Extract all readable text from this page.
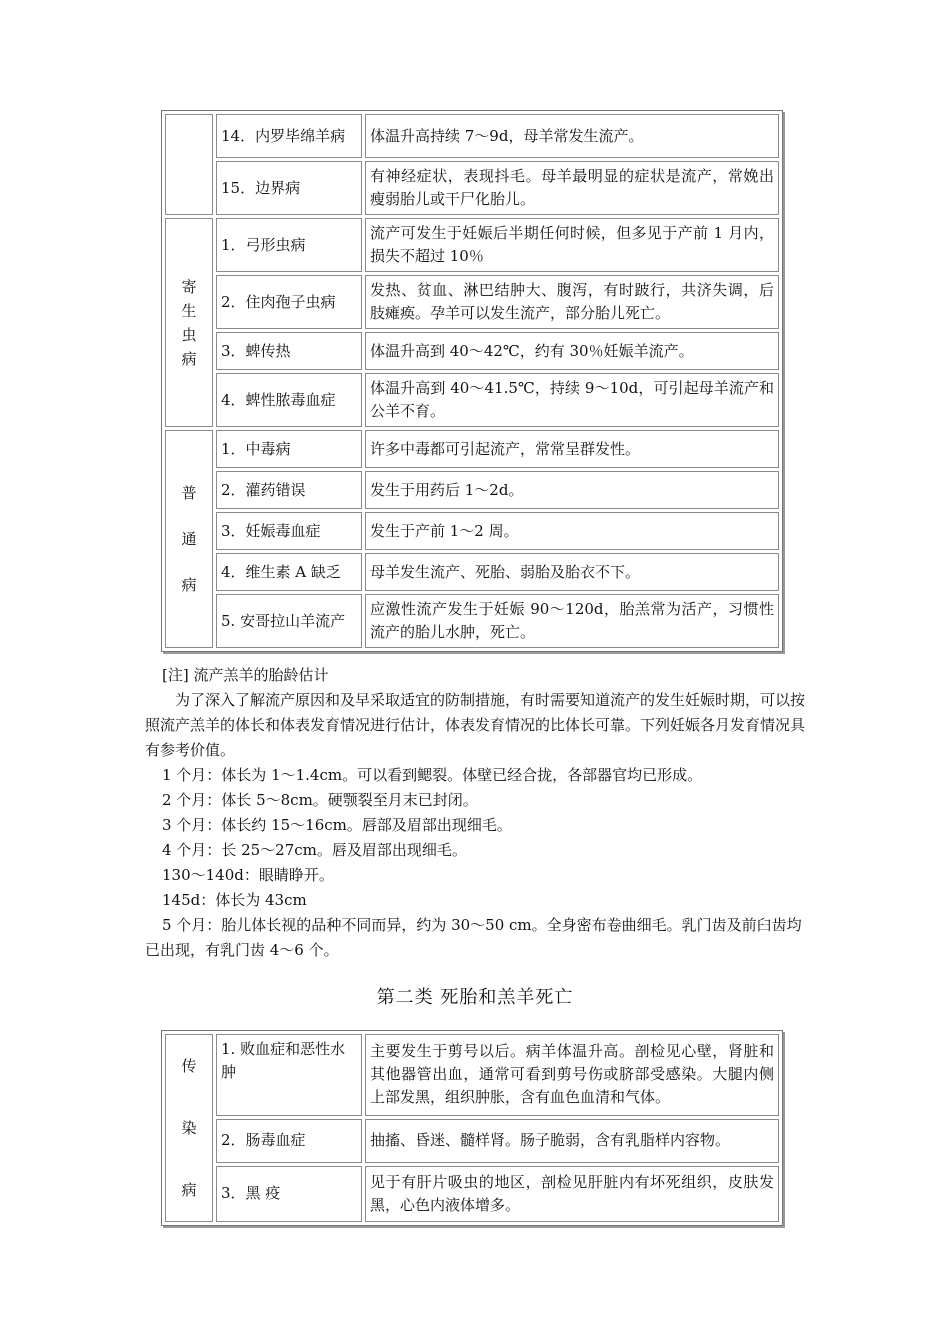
	14．内罗毕绵羊病	体温升高持续 7～9d，母羊常发生流产。
	15．边界病	有神经症状，表现抖毛。母羊最明显的症状是流产，常娩出瘦弱胎儿或干尸化胎儿。

寄
生
虫
病	1．弓形虫病	流产可发生于妊娠后半期任何时候，但多见于产前 1 月内，损失不超过 10％
	2．住肉孢子虫病	发热、贫血、淋巴结肿大、腹泻，有时跛行，共济失调，后肢瘫痪。孕羊可以发生流产，部分胎儿死亡。
	3．蜱传热	体温升高到 40～42℃，约有 30％妊娠羊流产。
	4．蜱性脓毒血症	体温升高到 40～41.5℃，持续 9～10d，可引起母羊流产和公羊不育。

普
通
病	1．中毒病	许多中毒都可引起流产，常常呈群发性。
	2．灌药错误	发生于用药后 1～2d。
	3．妊娠毒血症	发生于产前 1～2 周。
	4．维生素 A 缺乏	母羊发生流产、死胎、弱胎及胎衣不下。
	5. 安哥拉山羊流产	应激性流产发生于妊娠 90～120d，胎羔常为活产，习惯性流产的胎儿水肿，死亡。
[注] 流产羔羊的胎龄估计
为了深入了解流产原因和及早采取适宜的防制措施，有时需要知道流产的发生妊娠时期，可以按照流产羔羊的体长和体表发育情况进行估计，体表发育情况的比体长可靠。下列妊娠各月发育情况具有参考价值。
1 个月：体长为 1～1.4cm。可以看到鳃裂。体壁已经合拢，各部器官均已形成。
2 个月：体长 5～8cm。硬颚裂至月末已封闭。
3 个月：体长约 15～16cm。唇部及眉部出现细毛。
4 个月：长 25～27cm。唇及眉部出现细毛。
130～140d：眼睛睁开。
145d：体长为 43cm
5 个月：胎儿体长视的品种不同而异，约为 30～50 cm。全身密布卷曲细毛。乳门齿及前臼齿均已出现，有乳门齿 4～6 个。
第二类 死胎和羔羊死亡
传
染
病	1. 败血症和恶性水肿	主要发生于剪号以后。病羊体温升高。剖检见心壁，肾脏和其他器管出血，通常可看到剪号伤或脐部受感染。大腿内侧上部发黑，组织肿胀，含有血色血清和气体。
	2．肠毒血症	抽搐、昏迷、髓样肾。肠子脆弱，含有乳脂样内容物。
	3．黑 疫	见于有肝片吸虫的地区，剖检见肝脏内有坏死组织，皮肤发黑，心色内液体增多。
